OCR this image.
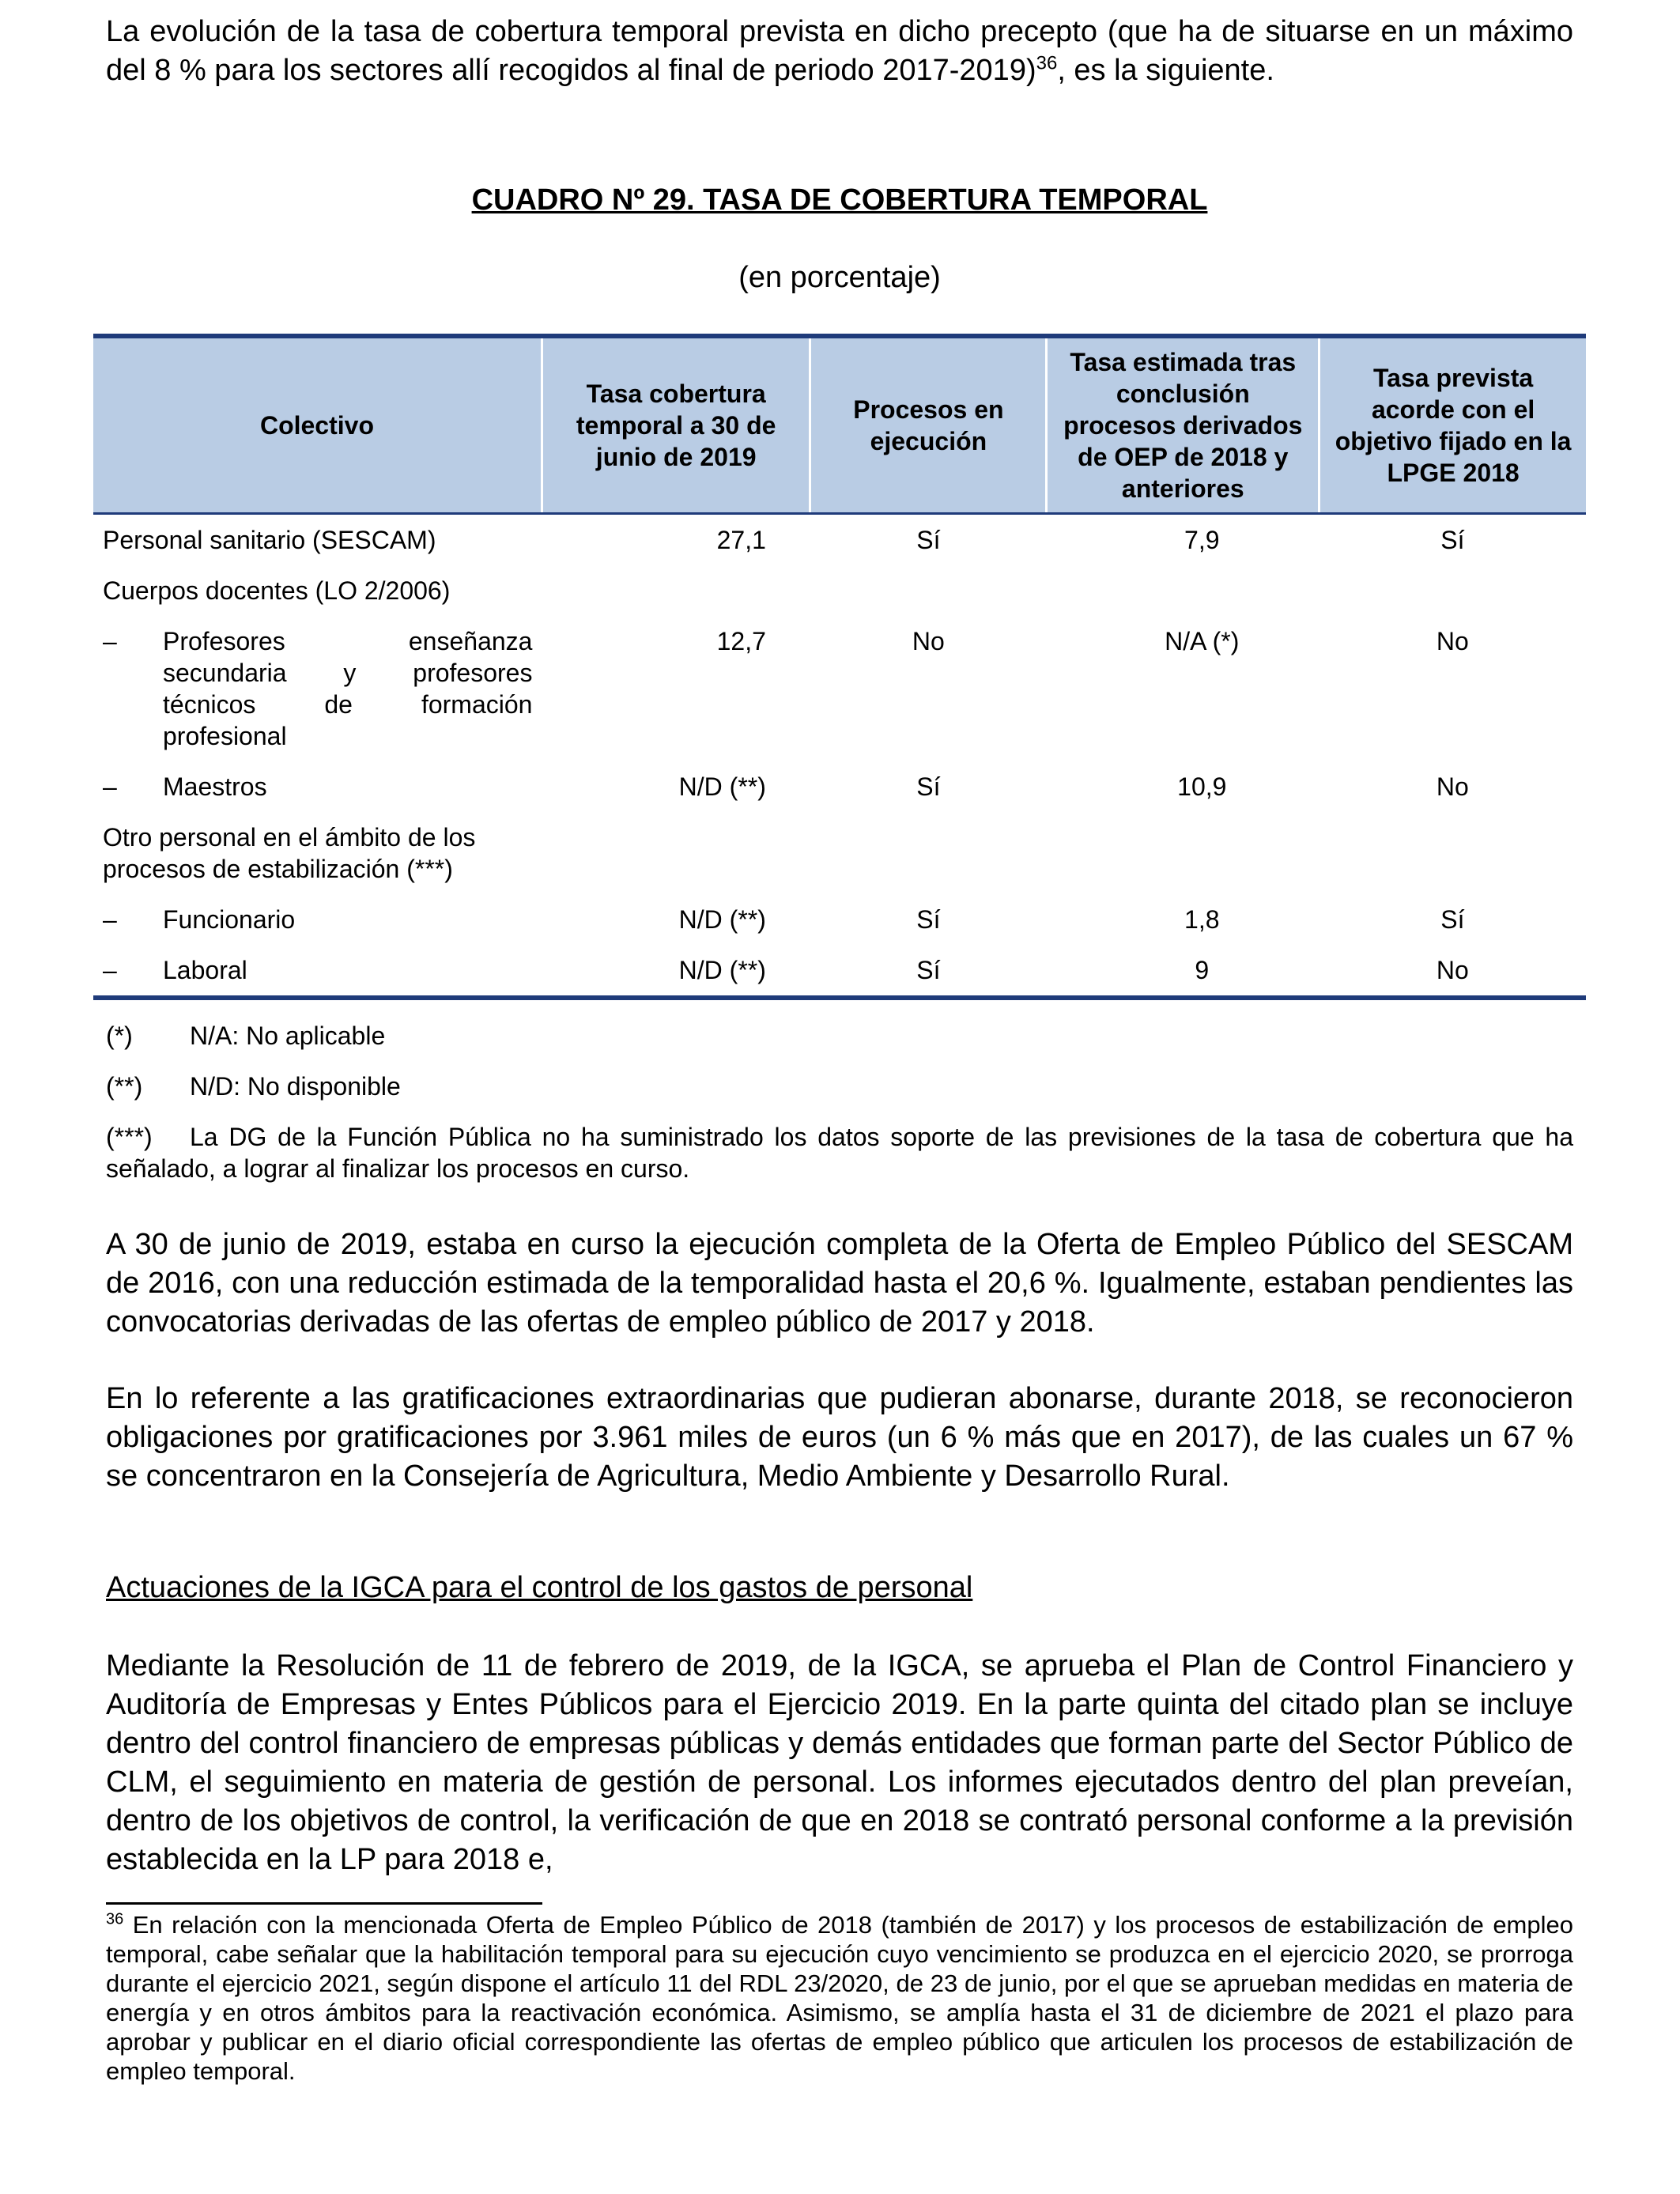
La evolución de la tasa de cobertura temporal prevista en dicho precepto (que ha de situarse en un máximo del 8 % para los sectores allí recogidos al final de periodo 2017-2019)$^{36}$, es la siguiente.

CUADRO Nº 29. TASA DE COBERTURA TEMPORAL
(en porcentaje)
Colectivo	Tasa cobertura temporal a 30 de junio de 2019	Procesos en ejecución	Tasa estimada tras conclusión procesos derivados de OEP de 2018 y anteriores	Tasa prevista acorde con el objetivo fijado en la LPGE 2018
Personal sanitario (SESCAM)	27,1	Sí	7,9	Sí
Cuerpos docentes (LO 2/2006)				

– Profesores enseñanza secundaria y profesores técnicos de formación profesional	12,7	No	N/A (*)	No

– Maestros	N/D (**)	Sí	10,9	No
Otro personal en el ámbito de los procesos de estabilización (***)				

– Funcionario	N/D (**)	Sí	1,8	Sí

– Laboral	N/D (**)	Sí	9	No
(*)	N/A: No aplicable
(**)	N/D: No disponible
(***) La DG de la Función Pública no ha suministrado los datos soporte de las previsiones de la tasa de cobertura que ha señalado, a lograr al finalizar los procesos en curso.

A 30 de junio de 2019, estaba en curso la ejecución completa de la Oferta de Empleo Público del SESCAM de 2016, con una reducción estimada de la temporalidad hasta el 20,6 %. Igualmente, estaban pendientes las convocatorias derivadas de las ofertas de empleo público de 2017 y 2018.

En lo referente a las gratificaciones extraordinarias que pudieran abonarse, durante 2018, se reconocieron obligaciones por gratificaciones por 3.961 miles de euros (un 6 % más que en 2017), de las cuales un 67 % se concentraron en la Consejería de Agricultura, Medio Ambiente y Desarrollo Rural.

Actuaciones de la IGCA para el control de los gastos de personal

Mediante la Resolución de 11 de febrero de 2019, de la IGCA, se aprueba el Plan de Control Financiero y Auditoría de Empresas y Entes Públicos para el Ejercicio 2019. En la parte quinta del citado plan se incluye dentro del control financiero de empresas públicas y demás entidades que forman parte del Sector Público de CLM, el seguimiento en materia de gestión de personal. Los informes ejecutados dentro del plan preveían, dentro de los objetivos de control, la verificación de que en 2018 se contrató personal conforme a la previsión establecida en la LP para 2018 e,

$^{36}$ En relación con la mencionada Oferta de Empleo Público de 2018 (también de 2017) y los procesos de estabilización de empleo temporal, cabe señalar que la habilitación temporal para su ejecución cuyo vencimiento se produzca en el ejercicio 2020, se prorroga durante el ejercicio 2021, según dispone el artículo 11 del RDL 23/2020, de 23 de junio, por el que se aprueban medidas en materia de energía y en otros ámbitos para la reactivación económica. Asimismo, se amplía hasta el 31 de diciembre de 2021 el plazo para aprobar y publicar en el diario oficial correspondiente las ofertas de empleo público que articulen los procesos de estabilización de empleo temporal.
